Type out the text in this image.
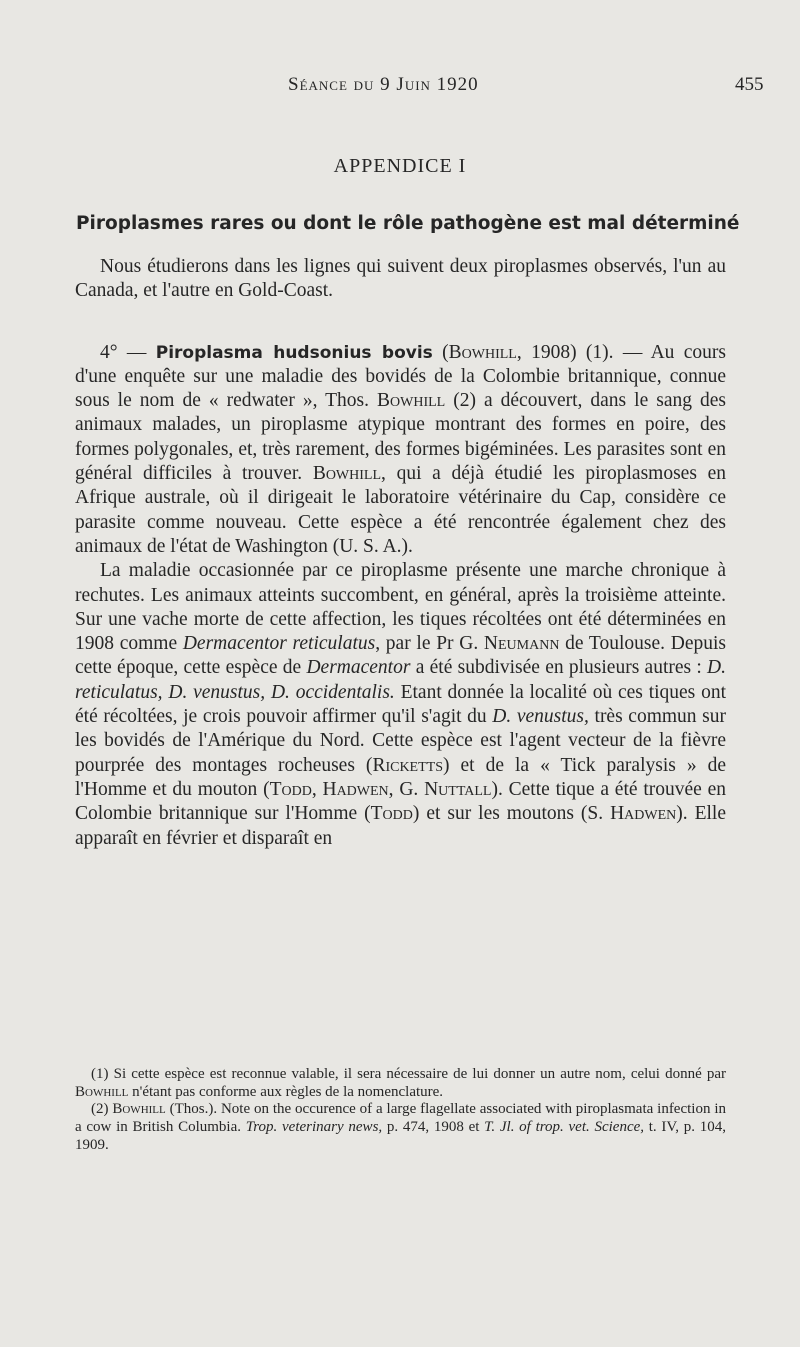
Séance du 9 Juin 1920	455
APPENDICE I
Piroplasmes rares ou dont le rôle pathogène est mal déterminé

Nous étudierons dans les lignes qui suivent deux piroplasmes observés, l'un au Canada, et l'autre en Gold-Coast.

4° — Piroplasma hudsonius bovis (Bowhill, 1908) (1). — Au cours d'une enquête sur une maladie des bovidés de la Colombie britannique, connue sous le nom de « redwater », Thos. Bowhill (2) a découvert, dans le sang des animaux malades, un piroplasme atypique montrant des formes en poire, des formes polygonales, et, très rarement, des formes bigéminées. Les parasites sont en général difficiles à trouver. Bowhill, qui a déjà étudié les piroplasmoses en Afrique australe, où il dirigeait le laboratoire vétérinaire du Cap, considère ce parasite comme nouveau. Cette espèce a été rencontrée également chez des animaux de l'état de Washington (U. S. A.).

La maladie occasionnée par ce piroplasme présente une marche chronique à rechutes. Les animaux atteints succombent, en général, après la troisième atteinte. Sur une vache morte de cette affection, les tiques récoltées ont été déterminées en 1908 comme Dermacentor reticulatus, par le Pr G. Neumann de Toulouse. Depuis cette époque, cette espèce de Dermacentor a été subdivisée en plusieurs autres : D. reticulatus, D. venustus, D. occidentalis. Etant donnée la localité où ces tiques ont été récoltées, je crois pouvoir affirmer qu'il s'agit du D. venustus, très commun sur les bovidés de l'Amérique du Nord. Cette espèce est l'agent vecteur de la fièvre pourprée des montages rocheuses (Ricketts) et de la « Tick paralysis » de l'Homme et du mouton (Todd, Hadwen, G. Nuttall). Cette tique a été trouvée en Colombie britannique sur l'Homme (Todd) et sur les moutons (S. Hadwen). Elle apparaît en février et disparaît en

(1) Si cette espèce est reconnue valable, il sera nécessaire de lui donner un autre nom, celui donné par Bowhill n'étant pas conforme aux règles de la nomenclature.

(2) Bowhill (Thos.). Note on the occurence of a large flagellate associated with piroplasmata infection in a cow in British Columbia. Trop. veterinary news, p. 474, 1908 et T. Jl. of trop. vet. Science, t. IV, p. 104, 1909.
